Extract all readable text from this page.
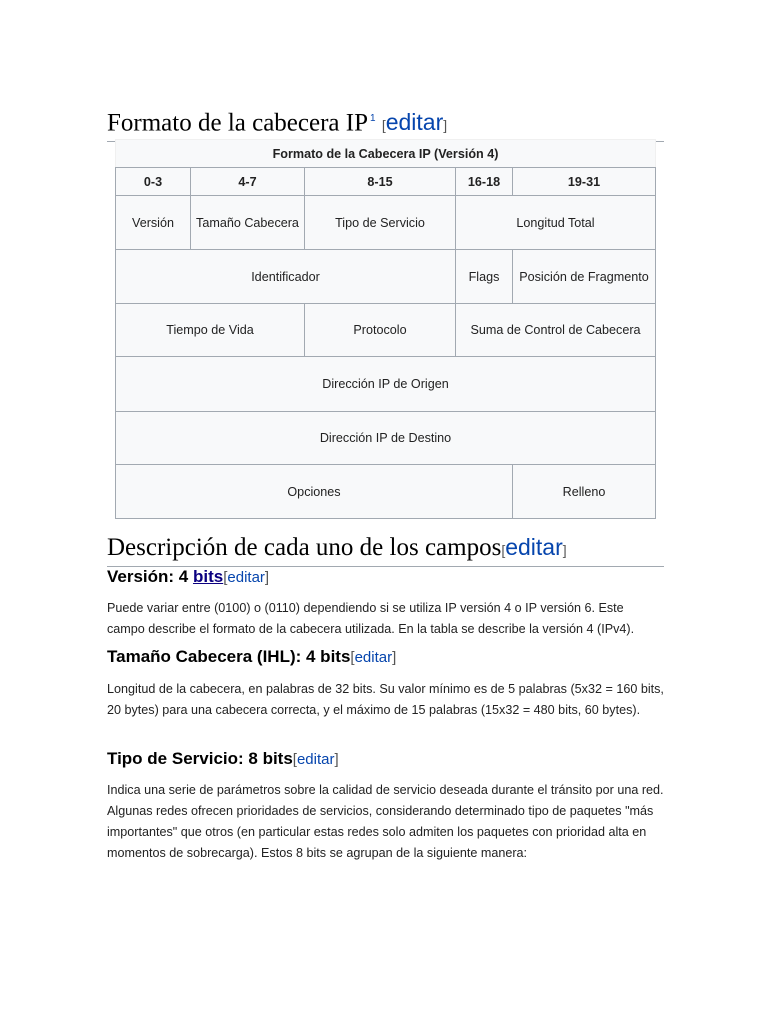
Formato de la cabecera IP $^1$ [editar]
Formato de la Cabecera IP (Versión 4)
0-3	4-7	8-15	16-18	19-31
Versión	Tamaño Cabecera	Tipo de Servicio	Longitud Total	
Identificador			Flags	Posición de Fragmento
Tiempo de Vida		Protocolo	Suma de Control de Cabecera	
Dirección IP de Origen				
Dirección IP de Destino				
Opciones				Relleno
Descripción de cada uno de los campos[editar]
Versión: 4 bits[editar]
Puede variar entre (0100) o (0110) dependiendo si se utiliza IP versión 4 o IP versión 6. Este campo describe el formato de la cabecera utilizada. En la tabla se describe la versión 4 (IPv4).
Tamaño Cabecera (IHL): 4 bits[editar]
Longitud de la cabecera, en palabras de 32 bits. Su valor mínimo es de 5 palabras (5x32 = 160 bits, 20 bytes) para una cabecera correcta, y el máximo de 15 palabras (15x32 = 480 bits, 60 bytes).
Tipo de Servicio: 8 bits[editar]
Indica una serie de parámetros sobre la calidad de servicio deseada durante el tránsito por una red. Algunas redes ofrecen prioridades de servicios, considerando determinado tipo de paquetes "más importantes" que otros (en particular estas redes solo admiten los paquetes con prioridad alta en momentos de sobrecarga). Estos 8 bits se agrupan de la siguiente manera:
